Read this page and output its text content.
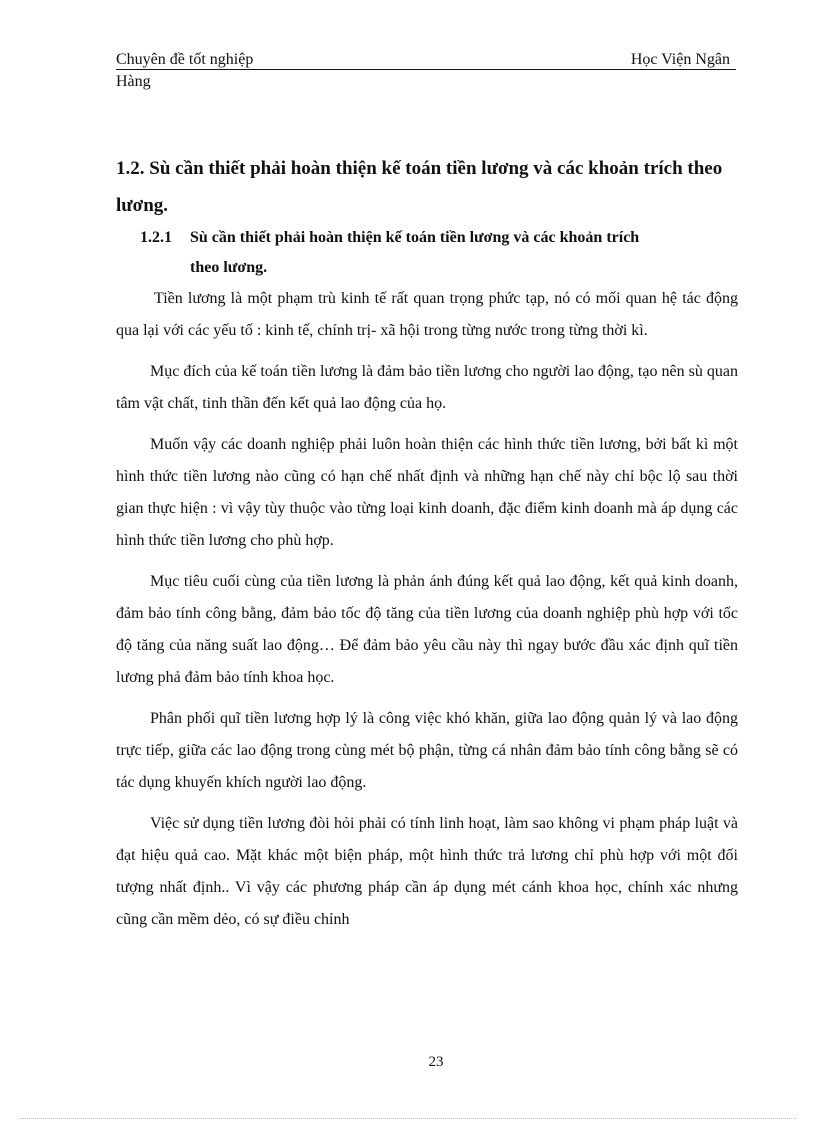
Chuyên đề tốt nghiệp	Học Viện Ngân
Hàng
1.2. Sù cần thiết phải hoàn thiện kế toán tiền lương và các khoản trích theo lương.
1.2.1 Sù cần thiết phải hoàn thiện kế toán tiền lương và các khoản trích
theo lương.

Tiền lương là một phạm trù kinh tế rất quan trọng phức tạp, nó có mối quan hệ tác động qua lại với các yếu tố : kinh tế, chính trị- xã hội trong từng nước trong từng thời kì.

Mục đích của kế toán tiền lương là đảm bảo tiền lương cho người lao động, tạo nên sù quan tâm vật chất, tinh thần đến kết quả lao động của họ.

Muốn vậy các doanh nghiệp phải luôn hoàn thiện các hình thức tiền lương, bởi bất kì một hình thức tiền lương nào cũng có hạn chế nhất định và những hạn chế này chỉ bộc lộ sau thời gian thực hiện : vì vậy tùy thuộc vào từng loại kinh doanh, đặc điểm kinh doanh mà áp dụng các hình thức tiền lương cho phù hợp.

Mục tiêu cuối cùng của tiền lương là phản ánh đúng kết quả lao động, kết quả kinh doanh, đảm bảo tính công bằng, đảm bảo tốc độ tăng của tiền lương của doanh nghiệp phù hợp với tốc độ tăng của năng suất lao động… Để đảm bảo yêu cầu này thì ngay bước đầu xác định quĩ tiền lương phả đảm bảo tính khoa học.

Phân phối quĩ tiền lương hợp lý là công việc khó khăn, giữa lao động quản lý và lao động trực tiếp, giữa các lao động trong cùng mét bộ phận, từng cá nhân đảm bảo tính công bằng sẽ có tác dụng khuyến khích người lao động.

Việc sử dụng tiền lương đòi hỏi phải có tính linh hoạt, làm sao không vi phạm pháp luật và đạt hiệu quả cao. Mặt khác một biện pháp, một hình thức trả lương chỉ phù hợp với một đối tượng nhất định.. Vì vậy các phương pháp cần áp dụng mét cánh khoa học, chính xác nhưng cũng cần mềm dẻo, có sự điều chỉnh

23
